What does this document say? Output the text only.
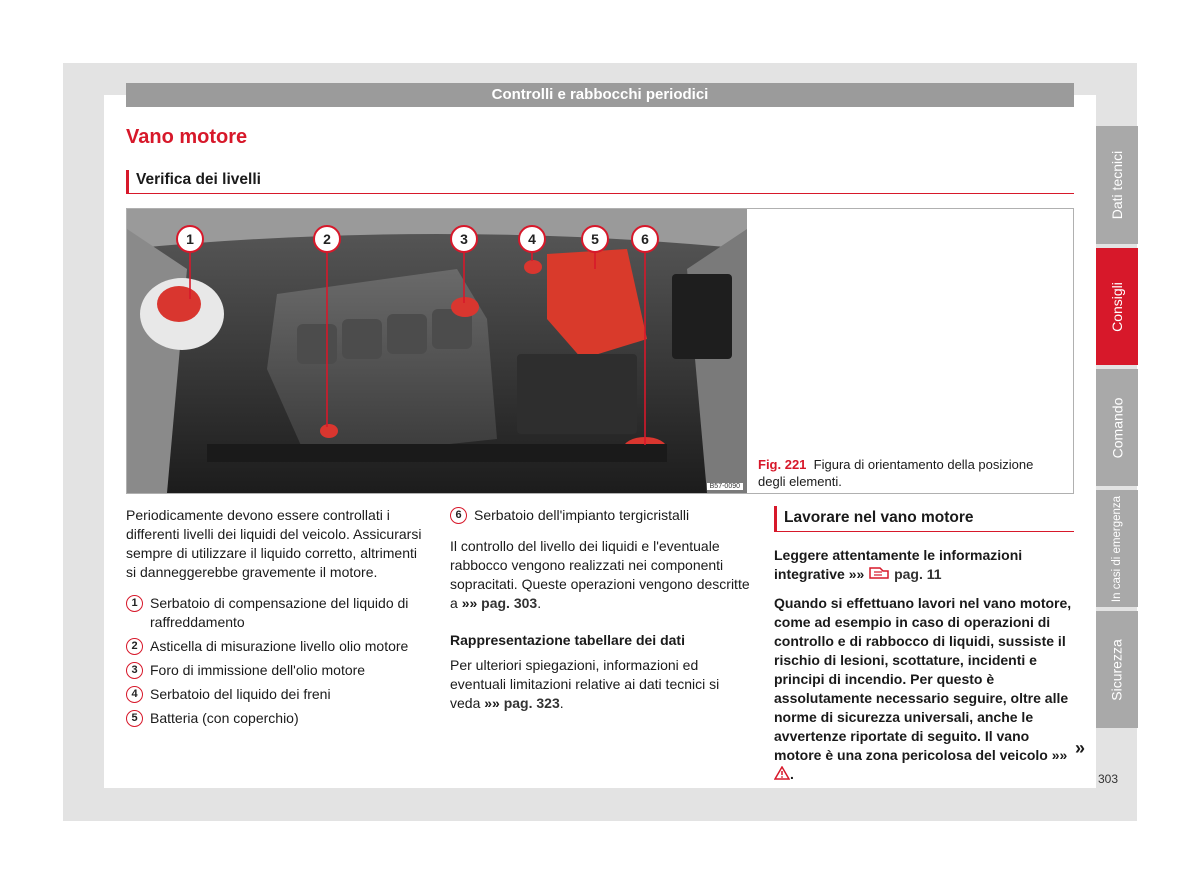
Controlli e rabbocchi periodici
Dati tecnici
Consigli
Comando
In casi di emergenza
Sicurezza
Vano motore
Verifica dei livelli
1	2	3	4	5	6
B57-0090
Fig. 221 Figura di orientamento della posizione degli elementi.

Periodicamente devono essere controllati i differenti livelli dei liquidi del veicolo. Assicurarsi sempre di utilizzare il liquido corretto, altrimenti si danneggerebbe gravemente il motore.

1 Serbatoio di compensazione del liquido di raffreddamento
2 Asticella di misurazione livello olio motore
3 Foro di immissione dell'olio motore
4 Serbatoio del liquido dei freni
5 Batteria (con coperchio)
6 Serbatoio dell'impianto tergicristalli

Il controllo del livello dei liquidi e l'eventuale rabbocco vengono realizzati nei componenti sopracitati. Queste operazioni vengono descritte a »» pag. 303.

Rappresentazione tabellare dei dati

Per ulteriori spiegazioni, informazioni ed eventuali limitazioni relative ai dati tecnici si veda »» pag. 323.

Lavorare nel vano motore

Leggere attentamente le informazioni integrative »» pag. 11

Quando si effettuano lavori nel vano motore, come ad esempio in caso di operazioni di controllo e di rabbocco di liquidi, sussiste il rischio di lesioni, scottature, incidenti e principi di incendio. Per questo è assolutamente necessario seguire, oltre alle norme di sicurezza universali, anche le avvertenze riportate di seguito. Il vano motore è una zona pericolosa del veicolo »» .

»
303
